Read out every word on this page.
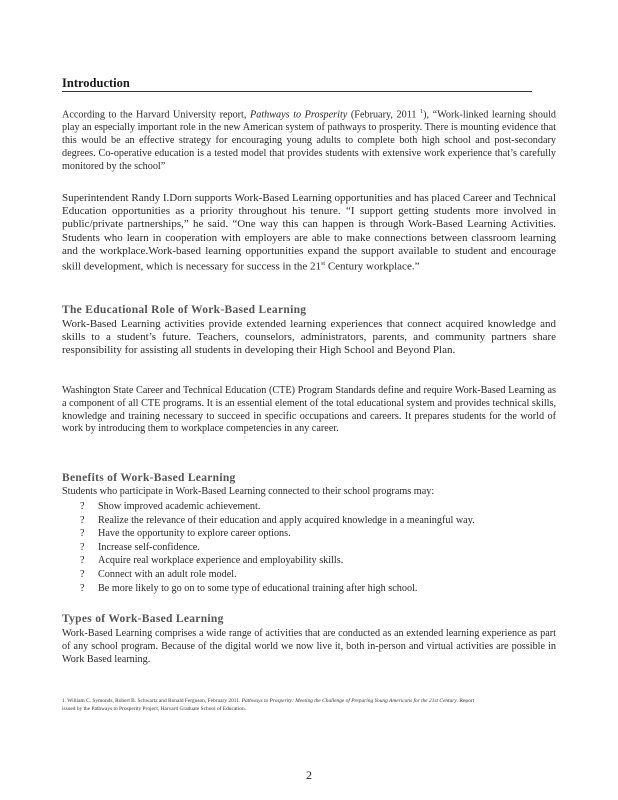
Introduction

According to the Harvard University report, Pathways to Prosperity (February, 2011 $^1$), “Work-linked learning should play an especially important role in the new American system of pathways to prosperity. There is mounting evidence that this would be an effective strategy for encouraging young adults to complete both high school and post-secondary degrees. Co-operative education is a tested model that provides students with extensive work experience that’s carefully monitored by the school”

Superintendent Randy I.Dorn supports Work-Based Learning opportunities and has placed Career and Technical Education opportunities as a priority throughout his tenure. “I support getting students more involved in public/private partnerships,” he said. “One way this can happen is through Work-Based Learning Activities. Students who learn in cooperation with employers are able to make connections between classroom learning and the workplace.Work-based learning opportunities expand the support available to student and encourage skill development, which is necessary for success in the 21st Century workplace.”

The Educational Role of Work-Based Learning

Work-Based Learning activities provide extended learning experiences that connect acquired knowledge and skills to a student’s future. Teachers, counselors, administrators, parents, and community partners share responsibility for assisting all students in developing their High School and Beyond Plan.

Washington State Career and Technical Education (CTE) Program Standards define and require Work-Based Learning as a component of all CTE programs. It is an essential element of the total educational system and provides technical skills, knowledge and training necessary to succeed in specific occupations and careers. It prepares students for the world of work by introducing them to workplace competencies in any career.

Benefits of Work-Based Learning

Students who participate in Work-Based Learning connected to their school programs may:

? Show improved academic achievement.
? Realize the relevance of their education and apply acquired knowledge in a meaningful way.
? Have the opportunity to explore career options.
? Increase self-confidence.
? Acquire real workplace experience and employability skills.
? Connect with an adult role model.
? Be more likely to go on to some type of educational training after high school.
Types of Work-Based Learning

Work-Based Learning comprises a wide range of activities that are conducted as an extended learning experience as part of any school program. Because of the digital world we now live it, both in-person and virtual activities are possible in Work Based learning.

1. William C. Symonds, Robert B. Schwartz and Ronald Ferguson, February 2011. Pathways to Prosperity: Meeting the Challenge of Preparing Young Americans for the 21st Century. Report issued by the Pathways to Prosperity Project, Harvard Graduate School of Education.
2
